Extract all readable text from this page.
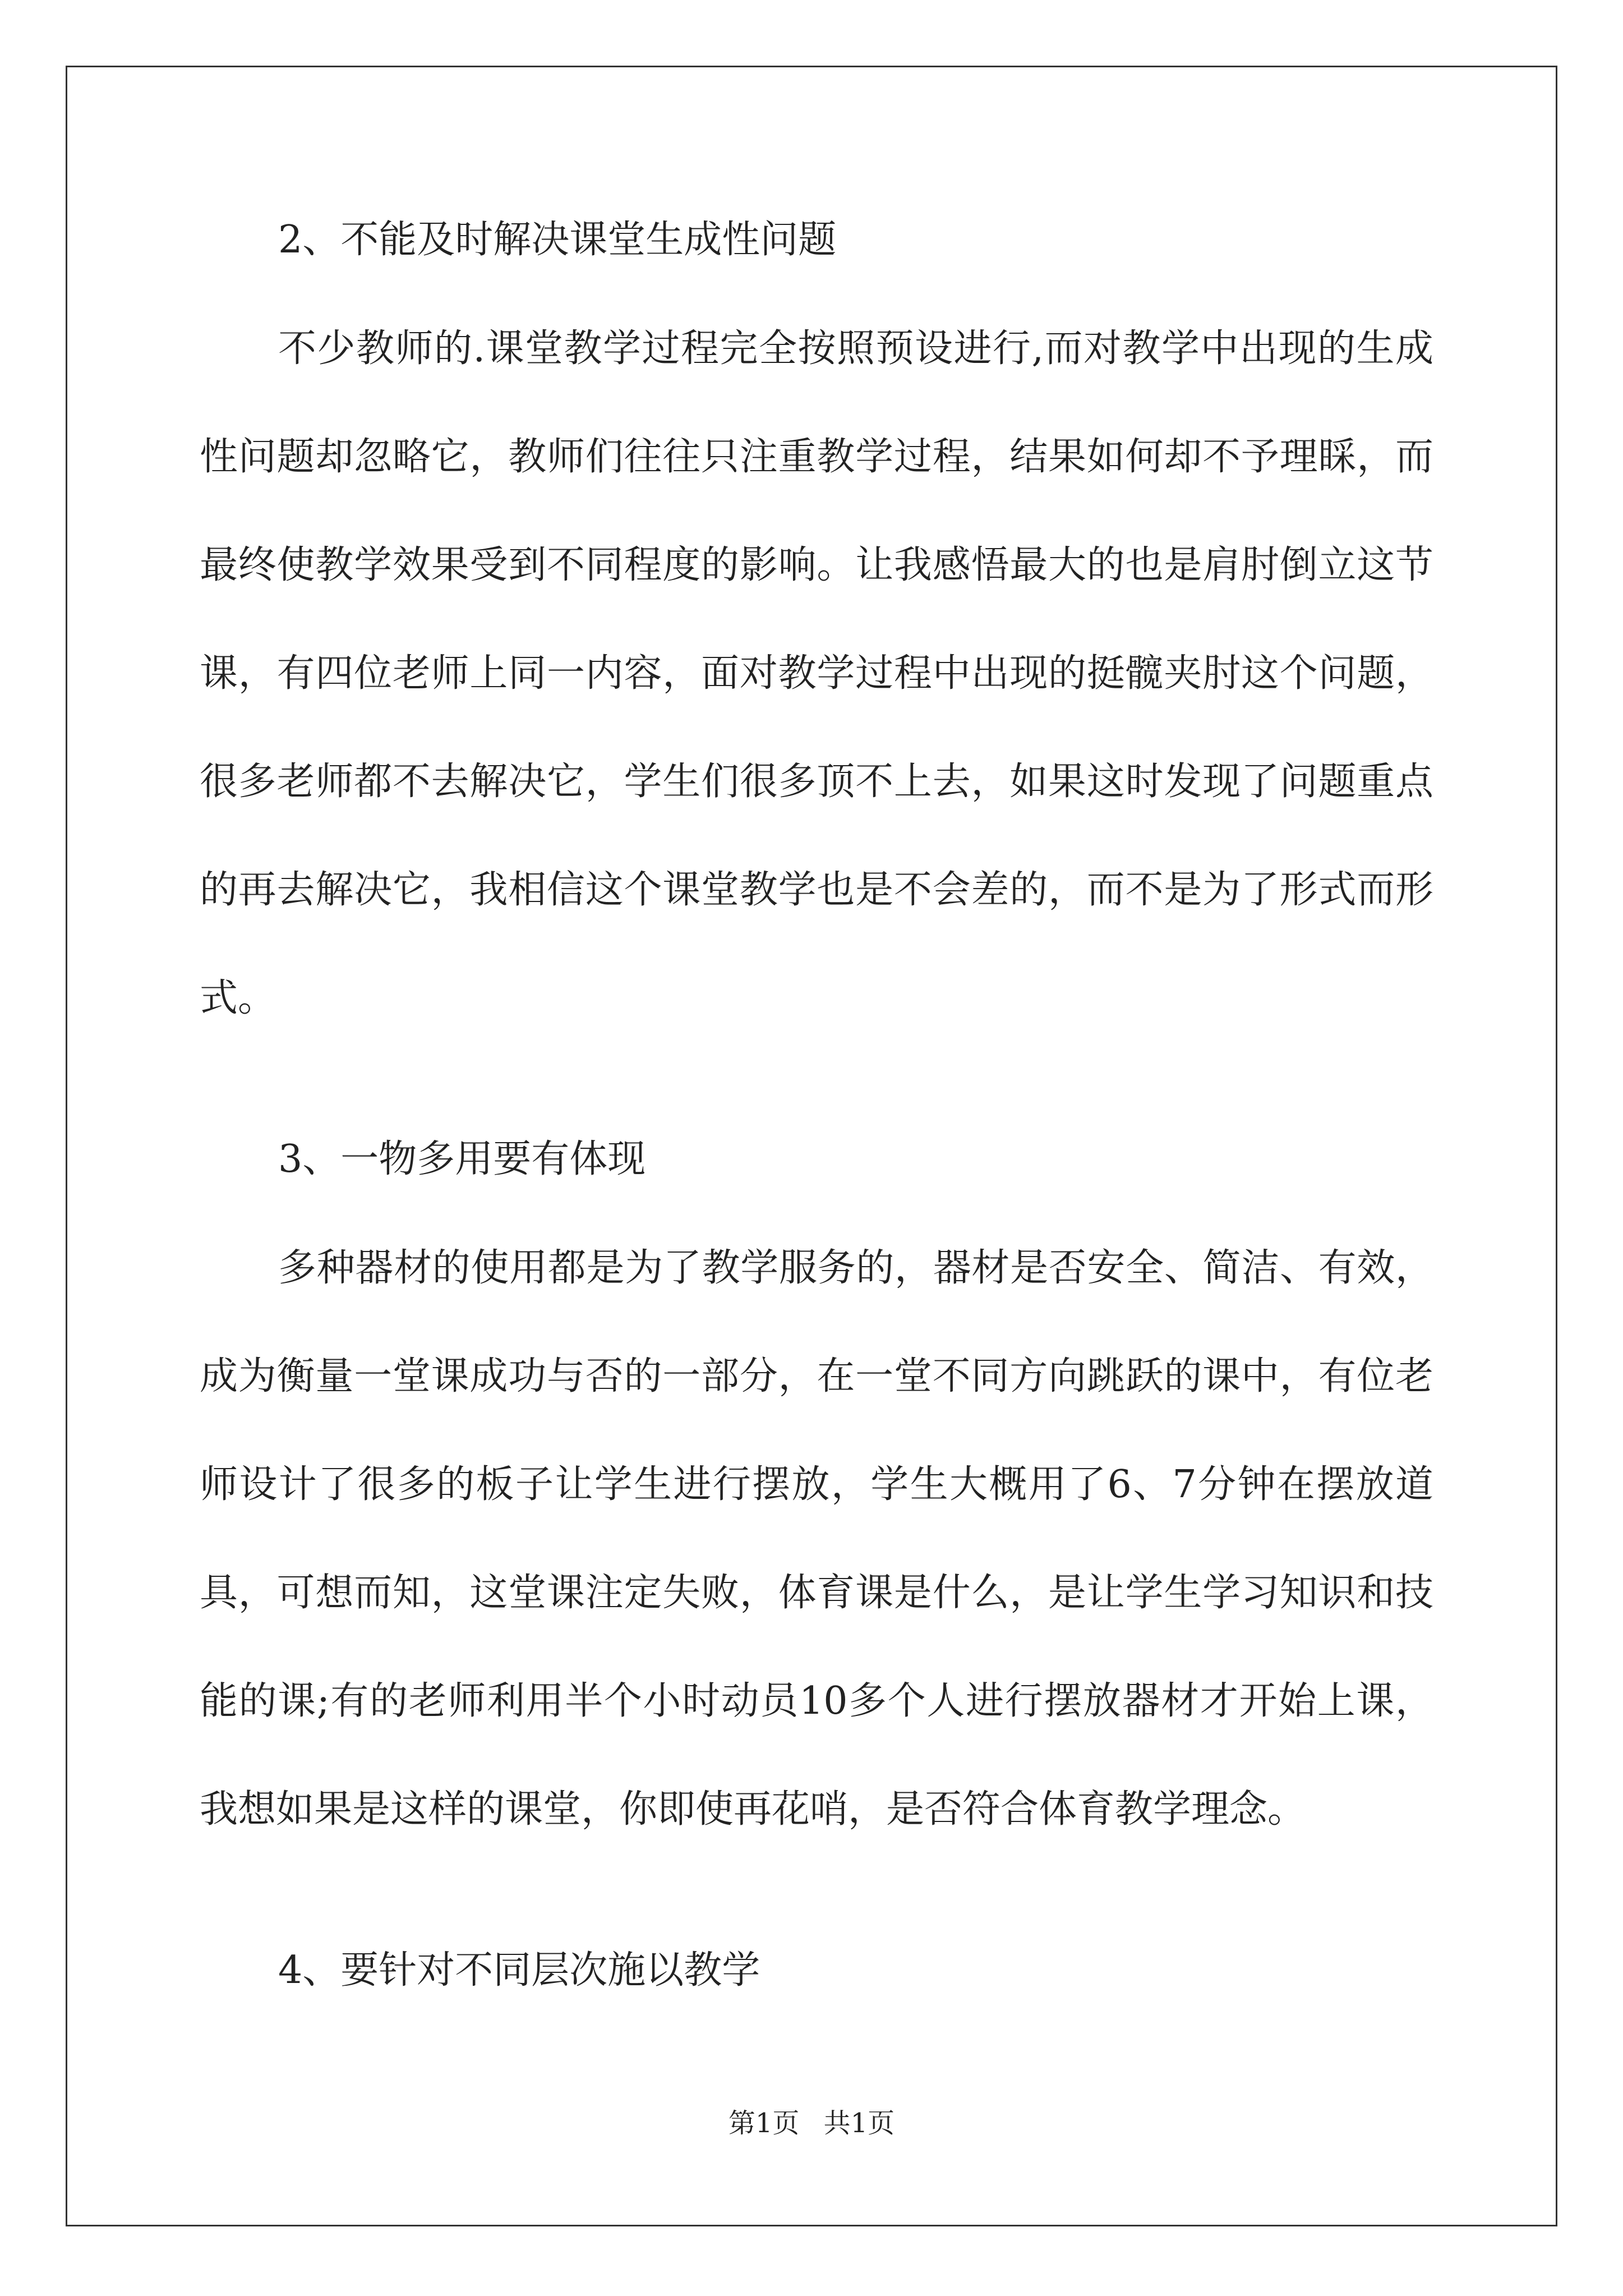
2、不能及时解决课堂生成性问题

不少教师的.课堂教学过程完全按照预设进行,而对教学中出现的生成性问题却忽略它，教师们往往只注重教学过程，结果如何却不予理睬，而最终使教学效果受到不同程度的影响。让我感悟最大的也是肩肘倒立这节课，有四位老师上同一内容，面对教学过程中出现的挺髋夹肘这个问题，很多老师都不去解决它，学生们很多顶不上去，如果这时发现了问题重点的再去解决它，我相信这个课堂教学也是不会差的，而不是为了形式而形式。

3、一物多用要有体现

多种器材的使用都是为了教学服务的，器材是否安全、简洁、有效，成为衡量一堂课成功与否的一部分，在一堂不同方向跳跃的课中，有位老师设计了很多的板子让学生进行摆放，学生大概用了6、7分钟在摆放道具，可想而知，这堂课注定失败，体育课是什么，是让学生学习知识和技能的课;有的老师利用半个小时动员10多个人进行摆放器材才开始上课，我想如果是这样的课堂，你即使再花哨，是否符合体育教学理念。

4、要针对不同层次施以教学

第1页 共1页
